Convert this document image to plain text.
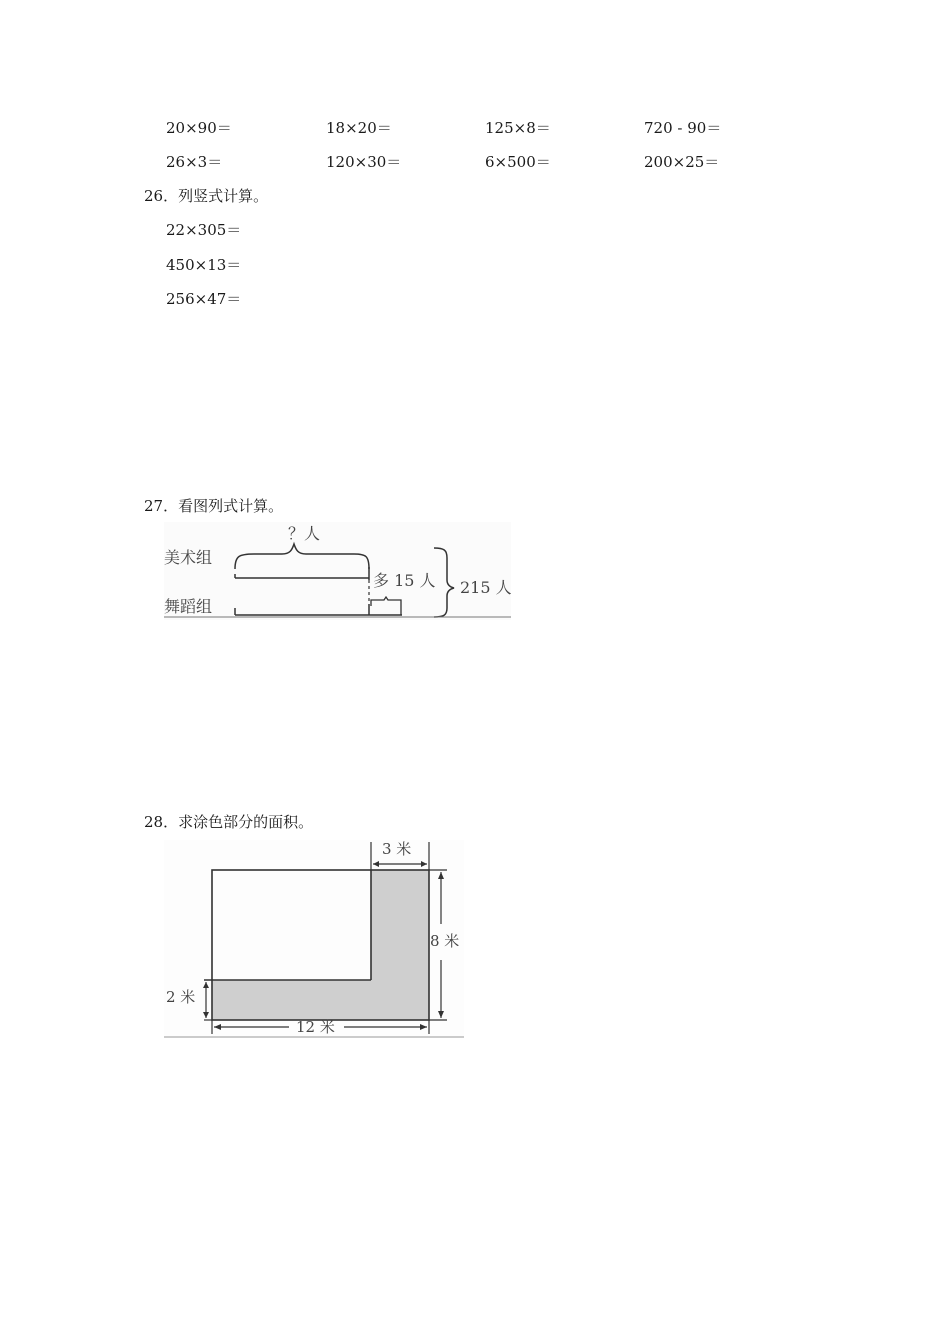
20×90＝	18×20＝	125×8＝	720 - 90＝
26×3＝	120×30＝	6×500＝	200×25＝
26．列竖式计算。
22×305＝
450×13＝
256×47＝
27．看图列式计算。
美术组
舞蹈组
？人
多 15 人 215 人
28．求涂色部分的面积。
3 米
8 米
2 米
12 米
